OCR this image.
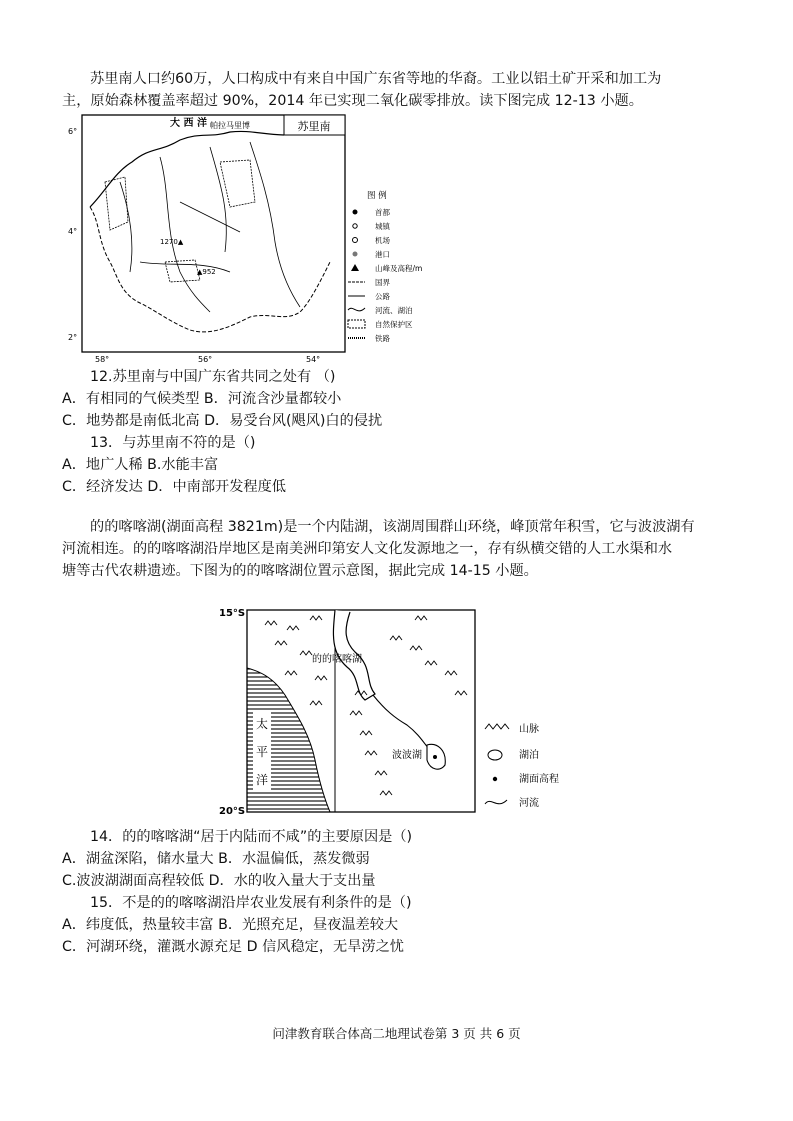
苏里南人口约60万，人口构成中有来自中国广东省等地的华裔。工业以铝土矿开采和加工为
主，原始森林覆盖率超过 90%，2014 年已实现二氧化碳零排放。读下图完成 12-13 小题。
苏里南
大 西 洋 帕拉马里博
1270▲
▲952
6°
4°
2°
58°	56°	54°
图 例
首都
城镇
机场
港口
山峰及高程/m
国界
公路
河流、湖泊
自然保护区
铁路
12.苏里南与中国广东省共同之处有 （)
A．有相同的气候类型 B．河流含沙量都较小
C．地势都是南低北高 D．易受台风(飓风)白的侵扰
13．与苏里南不符的是（)
A．地广人稀 B.水能丰富
C．经济发达 D．中南部开发程度低
的的喀喀湖(湖面高程 3821m)是一个内陆湖，该湖周围群山环绕，峰顶常年积雪，它与波波湖有
河流相连。的的喀喀湖沿岸地区是南美洲印第安人文化发源地之一，存有纵横交错的人工水渠和水
塘等古代农耕遗迹。下图为的的喀喀湖位置示意图，据此完成 14-15 小题。
太
平
洋
的的喀喀湖
波波湖
15°S
20°S
山脉
湖泊
湖面高程
河流
14．的的喀喀湖“居于内陆而不咸”的主要原因是（)
A．湖盆深陷，储水量大 B．水温偏低，蒸发微弱
C.波波湖湖面高程较低 D．水的收入量大于支出量
15．不是的的喀喀湖沿岸农业发展有利条件的是（)
A．纬度低，热量较丰富 B．光照充足，昼夜温差较大
C．河湖环绕，灌溉水源充足 D 信风稳定，无旱涝之忧
问津教育联合体高二地理试卷第 3 页 共 6 页
